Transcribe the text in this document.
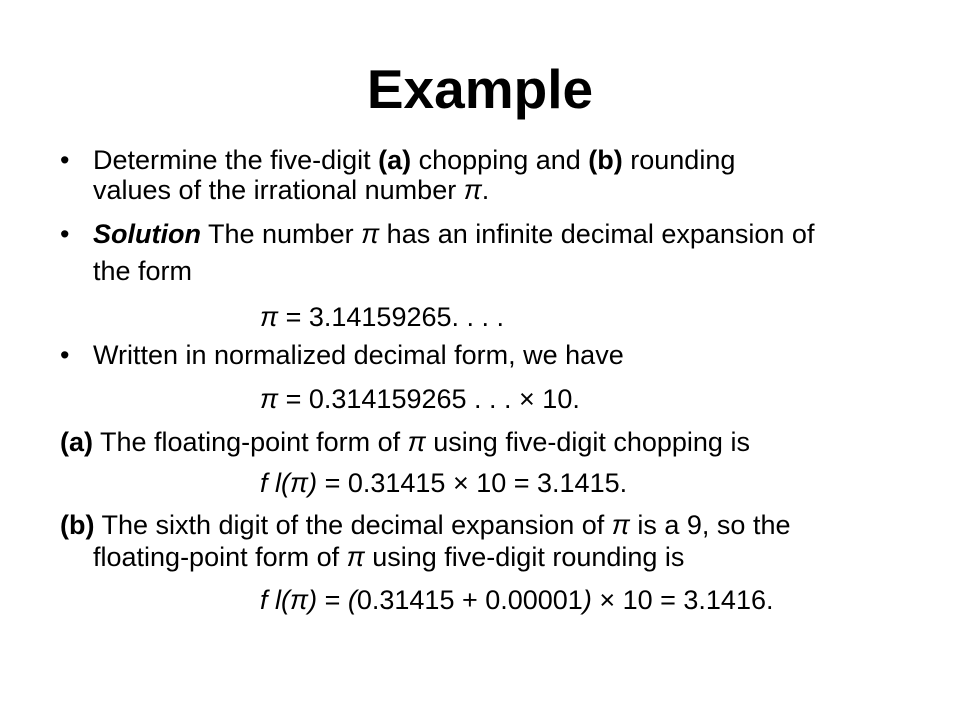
Example
• Determine the five-digit (a) chopping and (b) rounding
values of the irrational number π.
• Solution The number π has an infinite decimal expansion of
the form
π = 3.14159265. . . .
• Written in normalized decimal form, we have
π = 0.314159265 . . . × 10.
(a) The floating-point form of π using five-digit chopping is
f l(π) = 0.31415 × 10 = 3.1415.
(b) The sixth digit of the decimal expansion of π is a 9, so the
floating-point form of π using five-digit rounding is
f l(π) = (0.31415 + 0.00001) × 10 = 3.1416.
